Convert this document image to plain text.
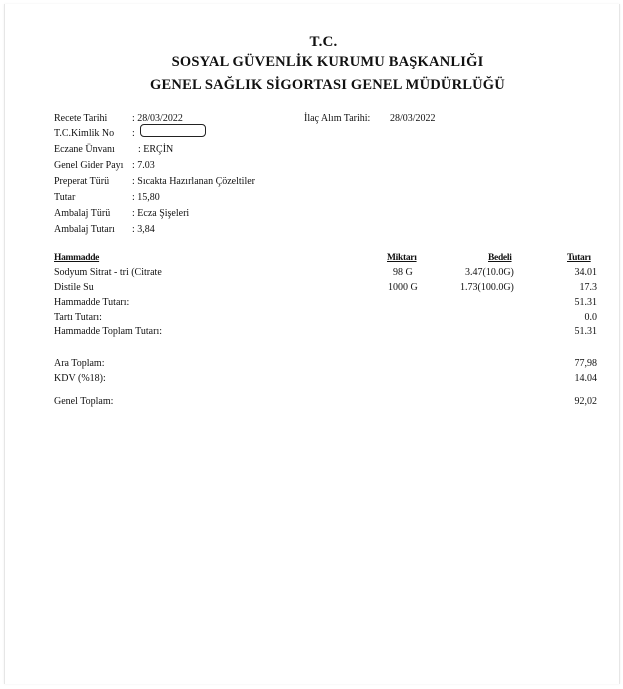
T.C.
SOSYAL GÜVENLİK KURUMU BAŞKANLIĞI
GENEL SAĞLIK SİGORTASI GENEL MÜDÜRLÜĞÜ
Recete Tarihi : 28/03/2022	İlaç Alım Tarihi: 28/03/2022
T.C.Kimlik No :
Eczane Ünvanı : ERÇİN
Genel Gider Payı : 7.03
Preperat Türü : Sıcakta Hazırlanan Çözeltiler
Tutar	: 15,80
Ambalaj Türü : Ecza Şişeleri
Ambalaj Tutarı : 3,84
Hammadde	Miktarı	Bedeli	Tutarı
Sodyum Sitrat - tri (Citrate	98 G	3.47(10.0G)	34.01
Distile Su	1000 G	1.73(100.0G)	17.3
Hammadde Tutarı:	51.31
Tartı Tutarı:	0.0
Hammadde Toplam Tutarı:	51.31
Ara Toplam:	77,98
KDV (%18):	14.04
Genel Toplam:	92,02
